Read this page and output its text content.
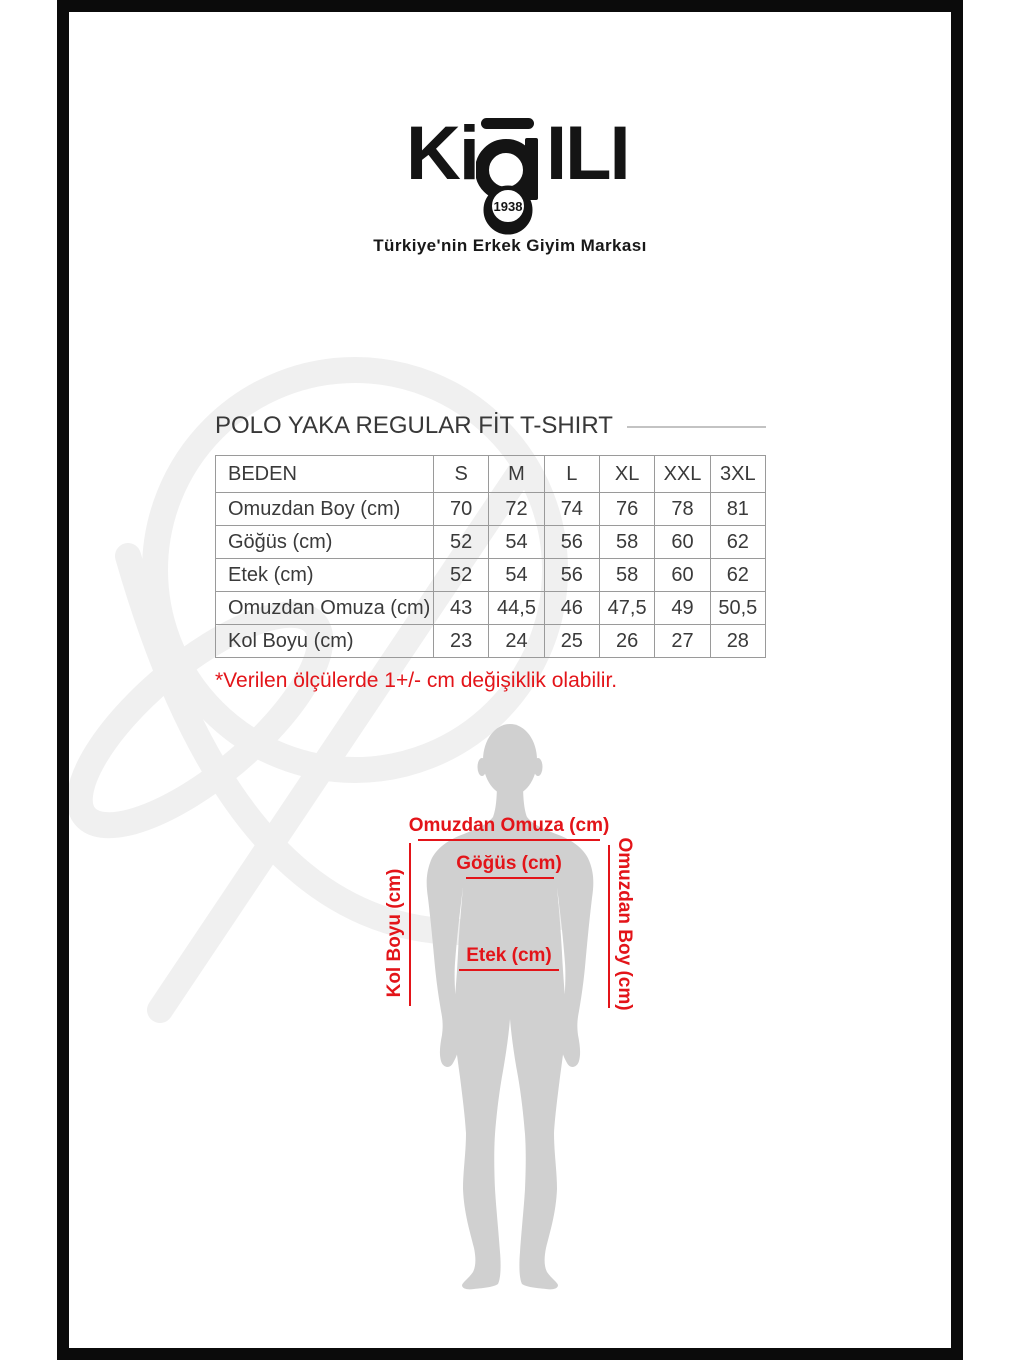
Ki
1938
ILI
Türkiye'nin Erkek Giyim Markası
POLO YAKA REGULAR FİT T-SHIRT
BEDEN	S	M	L	XL	XXL	3XL
Omuzdan Boy (cm)	70	72	74	76	78	81
Göğüs (cm)	52	54	56	58	60	62
Etek (cm)	52	54	56	58	60	62
Omuzdan Omuza (cm)	43	44,5	46	47,5	49	50,5
Kol Boyu (cm)	23	24	25	26	27	28
*Verilen ölçülerde 1+/- cm değişiklik olabilir.
Omuzdan Omuza (cm)
Göğüs (cm)
Etek (cm)
Kol Boyu (cm)	Omuzdan Boy (cm)
